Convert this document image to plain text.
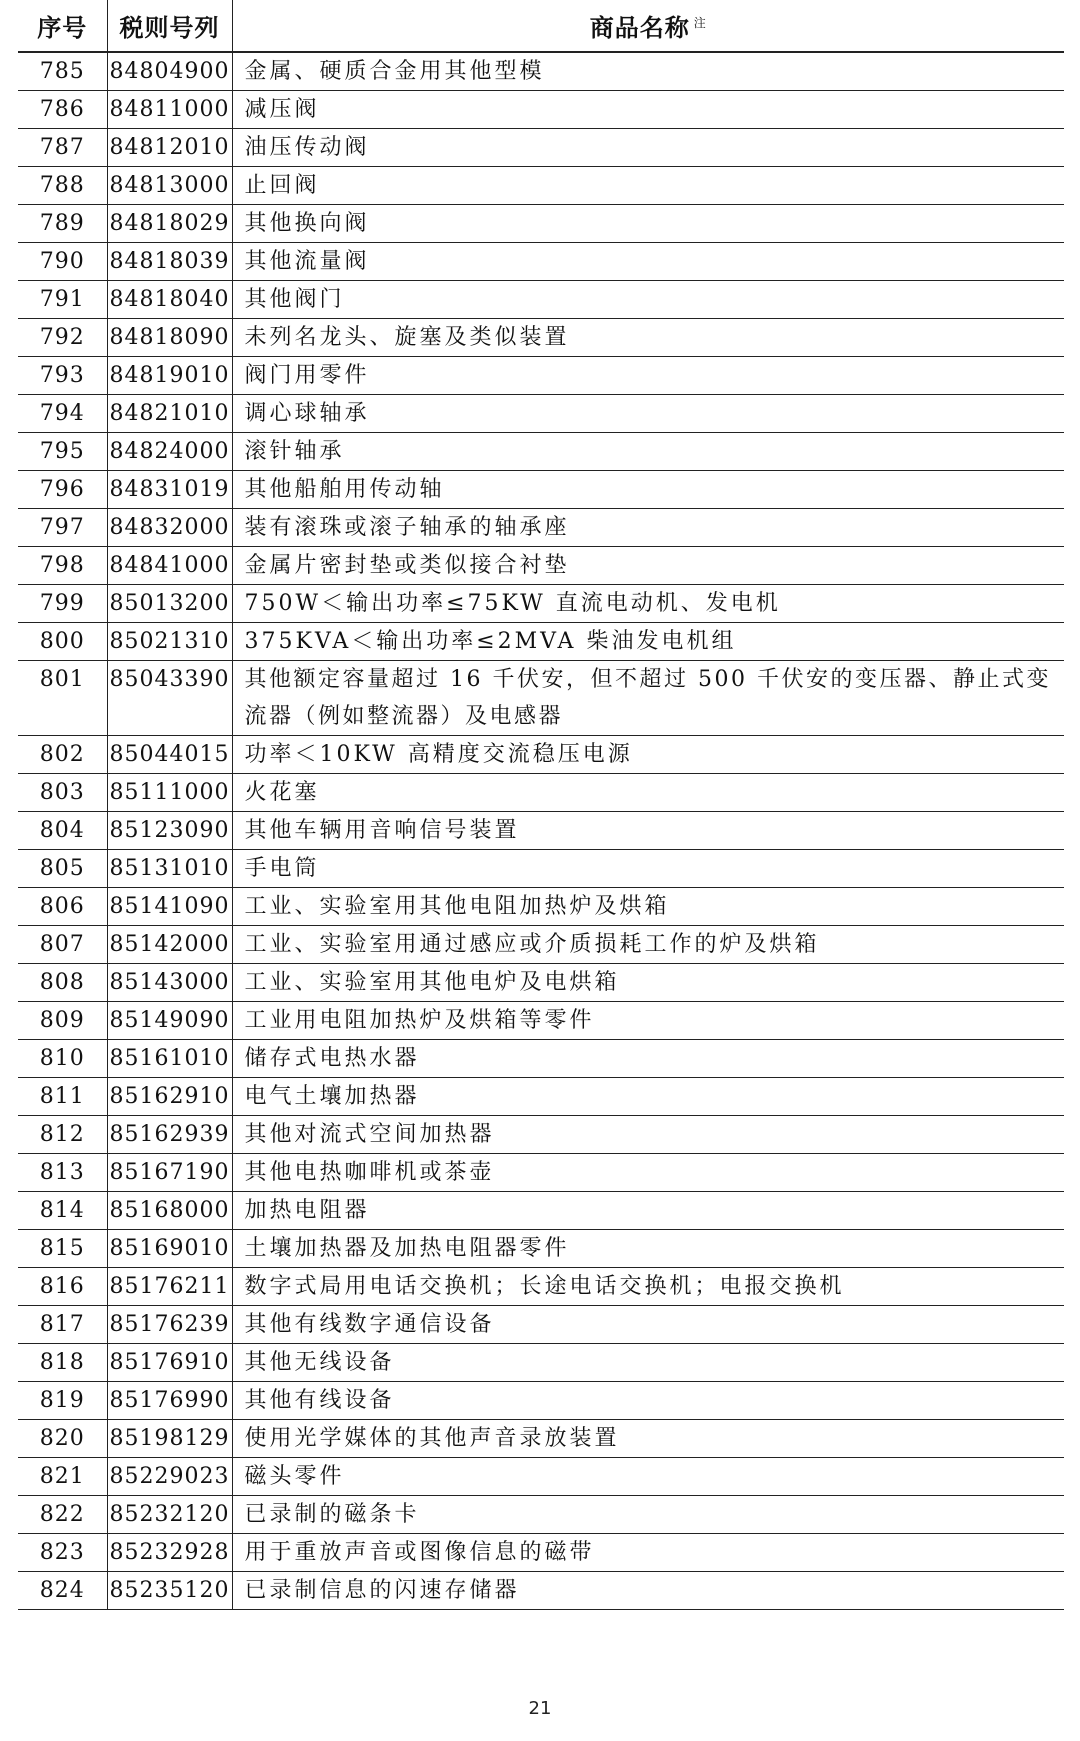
序号	税则号列	商品名称 $^注$
785	84804900	金属、硬质合金用其他型模
786	84811000	减压阀
787	84812010	油压传动阀
788	84813000	止回阀
789	84818029	其他换向阀
790	84818039	其他流量阀
791	84818040	其他阀门
792	84818090	未列名龙头、旋塞及类似装置
793	84819010	阀门用零件
794	84821010	调心球轴承
795	84824000	滚针轴承
796	84831019	其他船舶用传动轴
797	84832000	装有滚珠或滚子轴承的轴承座
798	84841000	金属片密封垫或类似接合衬垫
799	85013200	750W＜输出功率≤75KW 直流电动机、发电机
800	85021310	375KVA＜输出功率≤2MVA 柴油发电机组
801	85043390	其他额定容量超过 16 千伏安，但不超过 500 千伏安的变压器、静止式变流器（例如整流器）及电感器
802	85044015	功率＜10KW 高精度交流稳压电源
803	85111000	火花塞
804	85123090	其他车辆用音响信号装置
805	85131010	手电筒
806	85141090	工业、实验室用其他电阻加热炉及烘箱
807	85142000	工业、实验室用通过感应或介质损耗工作的炉及烘箱
808	85143000	工业、实验室用其他电炉及电烘箱
809	85149090	工业用电阻加热炉及烘箱等零件
810	85161010	储存式电热水器
811	85162910	电气土壤加热器
812	85162939	其他对流式空间加热器
813	85167190	其他电热咖啡机或茶壶
814	85168000	加热电阻器
815	85169010	土壤加热器及加热电阻器零件
816	85176211	数字式局用电话交换机；长途电话交换机；电报交换机
817	85176239	其他有线数字通信设备
818	85176910	其他无线设备
819	85176990	其他有线设备
820	85198129	使用光学媒体的其他声音录放装置
821	85229023	磁头零件
822	85232120	已录制的磁条卡
823	85232928	用于重放声音或图像信息的磁带
824	85235120	已录制信息的闪速存储器
21
